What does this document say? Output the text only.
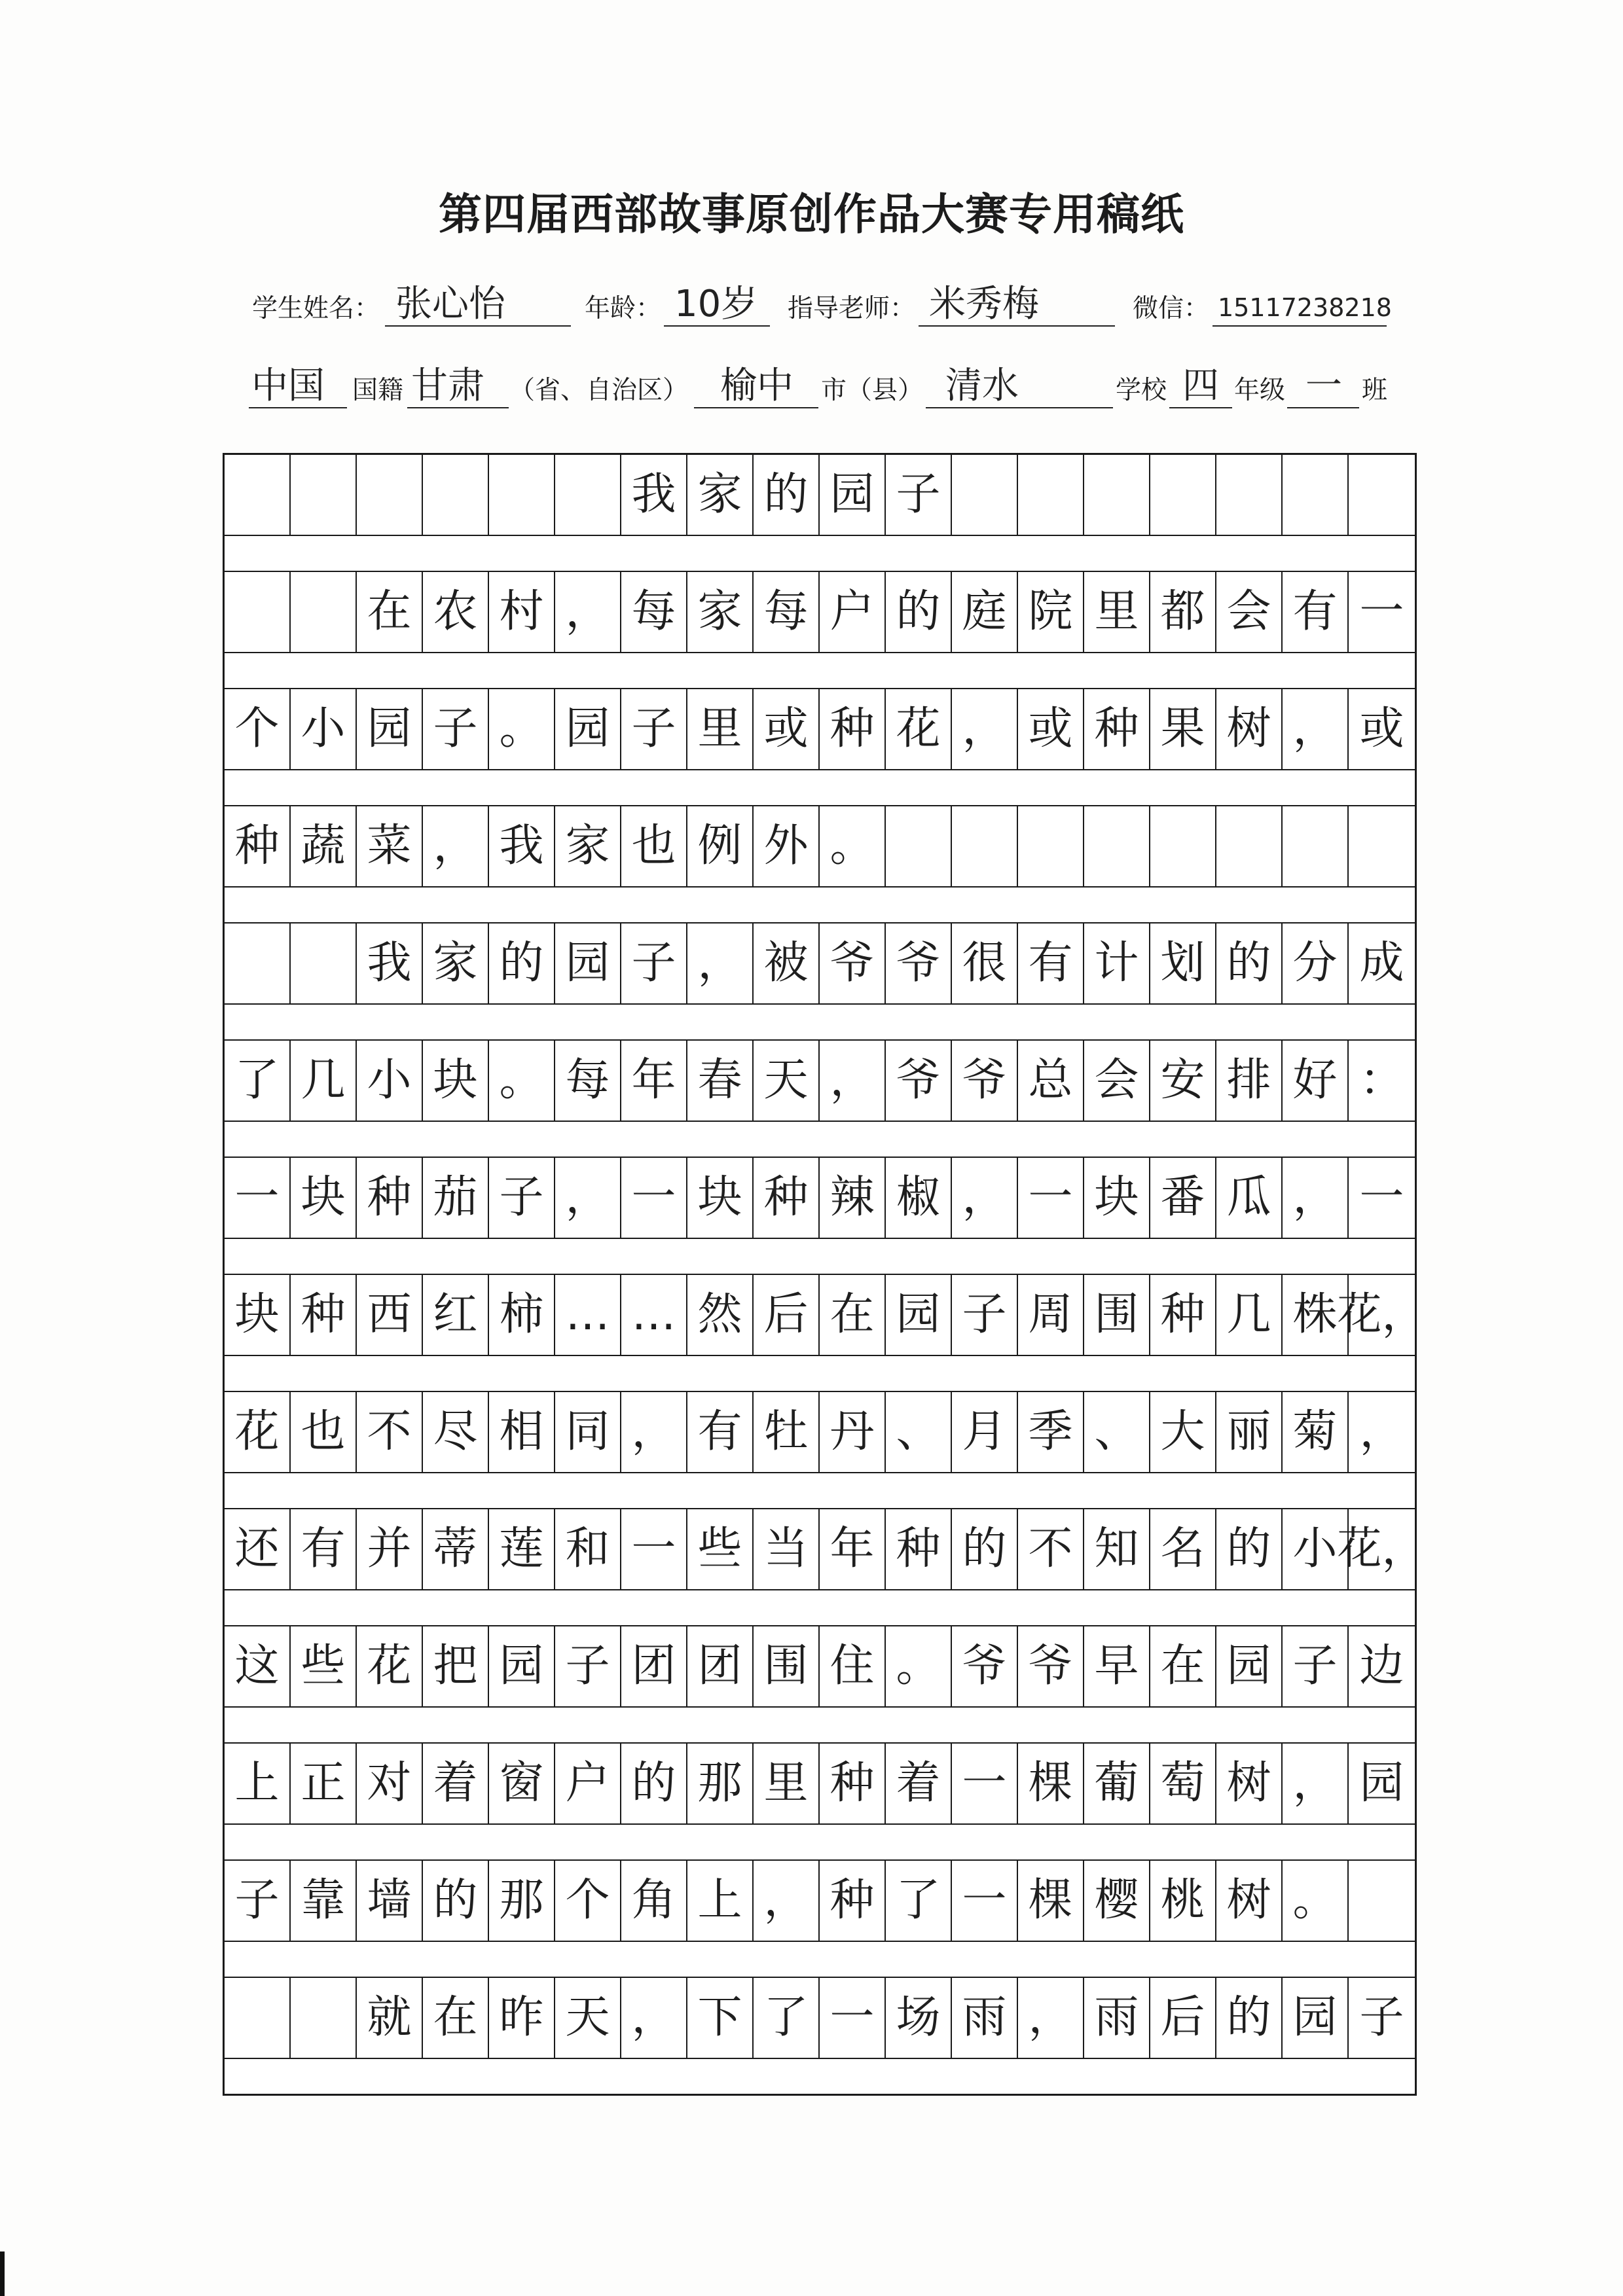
第四届西部故事原创作品大赛专用稿纸
学生姓名： 张心怡	年龄： 10岁	指导老师： 米秀梅	微信： 15117238218
中国	国籍 甘肃 （省、自治区） 榆中	市（县） 清水	学校 四 年级 一 班
我 家 的 园 子
在 农 村 ， 每 家 每 户 的 庭 院 里 都 会 有 一
个 小 园 子 。 园 子 里 或 种 花 ， 或 种 果 树 ， 或
种 蔬 菜 ， 我 家 也 例 外 。
我 家 的 园 子 ， 被 爷 爷 很 有 计 划 的 分 成
了 几 小 块 。 每 年 春 天 ， 爷 爷 总 会 安 排 好 ：
一 块 种 茄 子 ， 一 块 种 辣 椒 ， 一 块 番 瓜 ， 一
块 种 西 红 柿 … … 然 后 在 园 子 周 围 种 几 株 花，
花 也 不 尽 相 同 ， 有 牡 丹 、 月 季 、 大 丽 菊 ，
还 有 并 蒂 莲 和 一 些 当 年 种 的 不 知 名 的 小 花，
这 些 花 把 园 子 团 团 围 住 。 爷 爷 早 在 园 子 边
上 正 对 着 窗 户 的 那 里 种 着 一 棵 葡 萄 树 ， 园
子 靠 墙 的 那 个 角 上 ， 种 了 一 棵 樱 桃 树 。
就 在 昨 天 ， 下 了 一 场 雨 ， 雨 后 的 园 子
